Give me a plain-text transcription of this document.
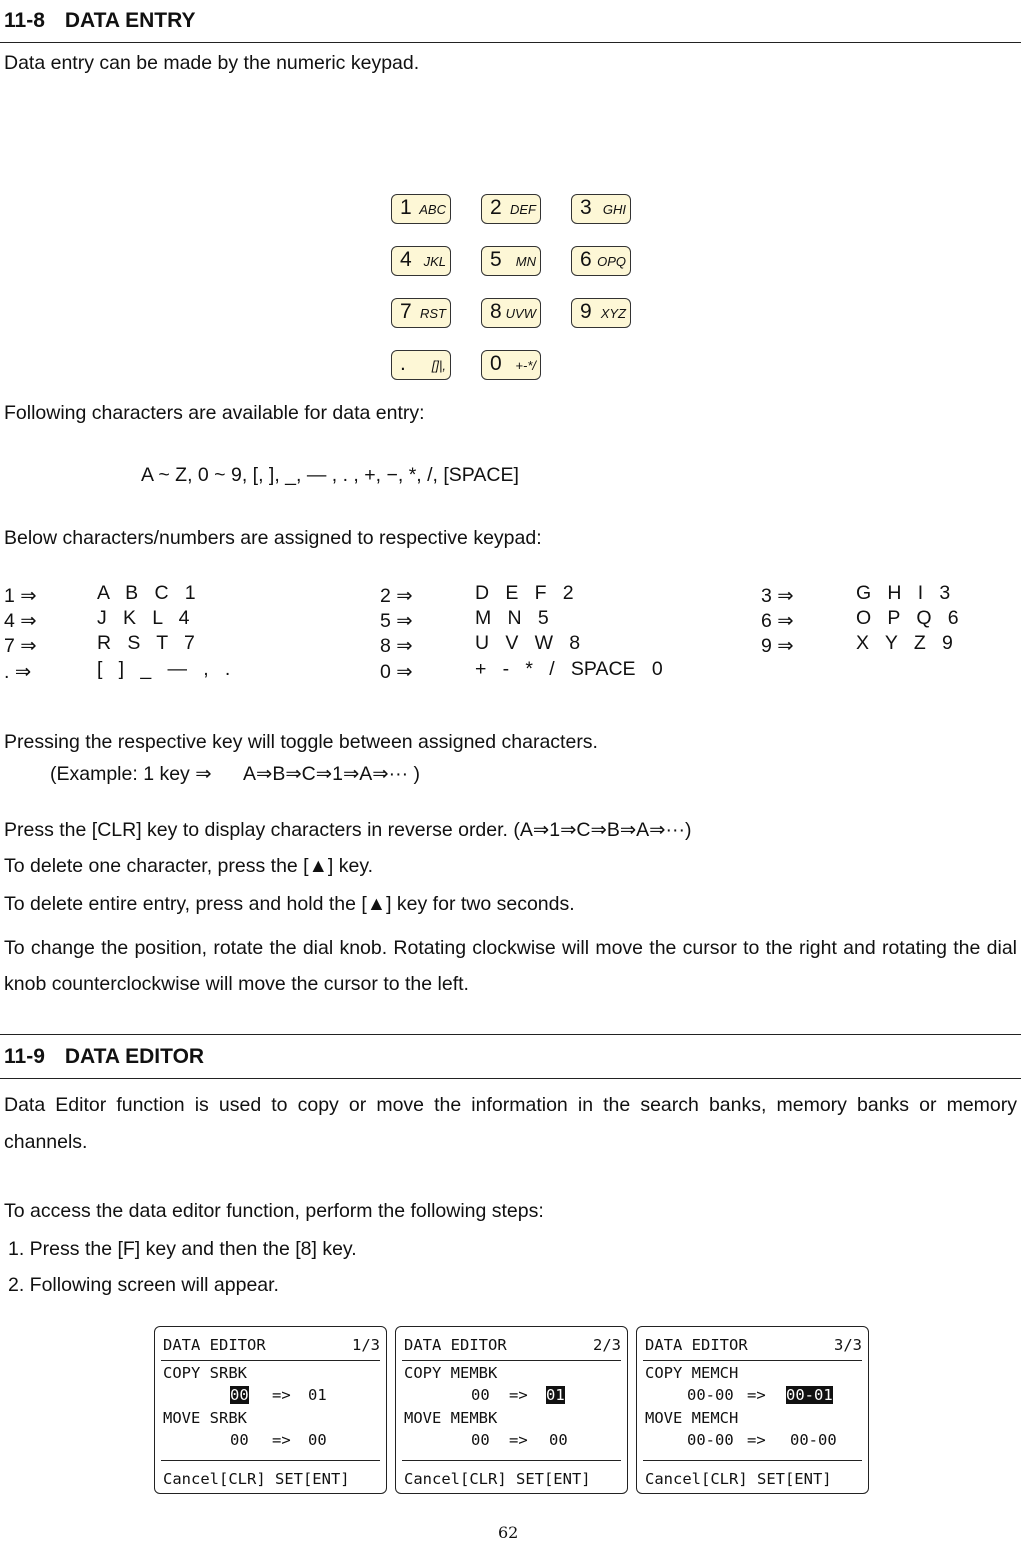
11-8 DATA ENTRY
Data entry can be made by the numeric keypad.
1 ABC 2 DEF 3 GHI
4 JKL 5 MN 6 OPQ
7 RST 8 UVW 9 XYZ
. []|, 0 +-*/
Following characters are available for data entry:
A ~ Z, 0 ~ 9, [, ], _, — , . , +, −, *, /, [SPACE]
Below characters/numbers are assigned to respective keypad:
1 ⇒	A   B   C   1	2 ⇒	D   E   F   2	3 ⇒	G   H   I   3
4 ⇒	J   K   L   4	5 ⇒	M   N   5	6 ⇒	O   P   Q   6
7 ⇒	R   S   T   7	8 ⇒	U   V   W   8	9 ⇒	X   Y   Z   9
. ⇒	[   ]   _   —   ,   .	0 ⇒	+   -   *   /   SPACE   0
Pressing the respective key will toggle between assigned characters.
(Example: 1 key ⇒      A⇒B⇒C⇒1⇒A⇒··· )
Press the [CLR] key to display characters in reverse order. (A⇒1⇒C⇒B⇒A⇒···)
To delete one character, press the [▲] key.
To delete entire entry, press and hold the [▲] key for two seconds.
To change the position, rotate the dial knob. Rotating clockwise will move the cursor to the right and rotating the dial knob counterclockwise will move the cursor to the left.
11-9 DATA EDITOR
Data Editor function is used to copy or move the information in the search banks, memory banks or memory channels.
To access the data editor function, perform the following steps:
1. Press the [F] key and then the [8] key.
2. Following screen will appear.
DATA EDITOR	1/3
COPY SRBK
00 => 01
MOVE SRBK
00 => 00
Cancel[CLR] SET[ENT]
DATA EDITOR	2/3
COPY MEMBK
00 => 01
MOVE MEMBK
00 => 00
Cancel[CLR] SET[ENT]
DATA EDITOR	3/3
COPY MEMCH
00-00 => 00-01
MOVE MEMCH
00-00 => 00-00
Cancel[CLR] SET[ENT]
62
